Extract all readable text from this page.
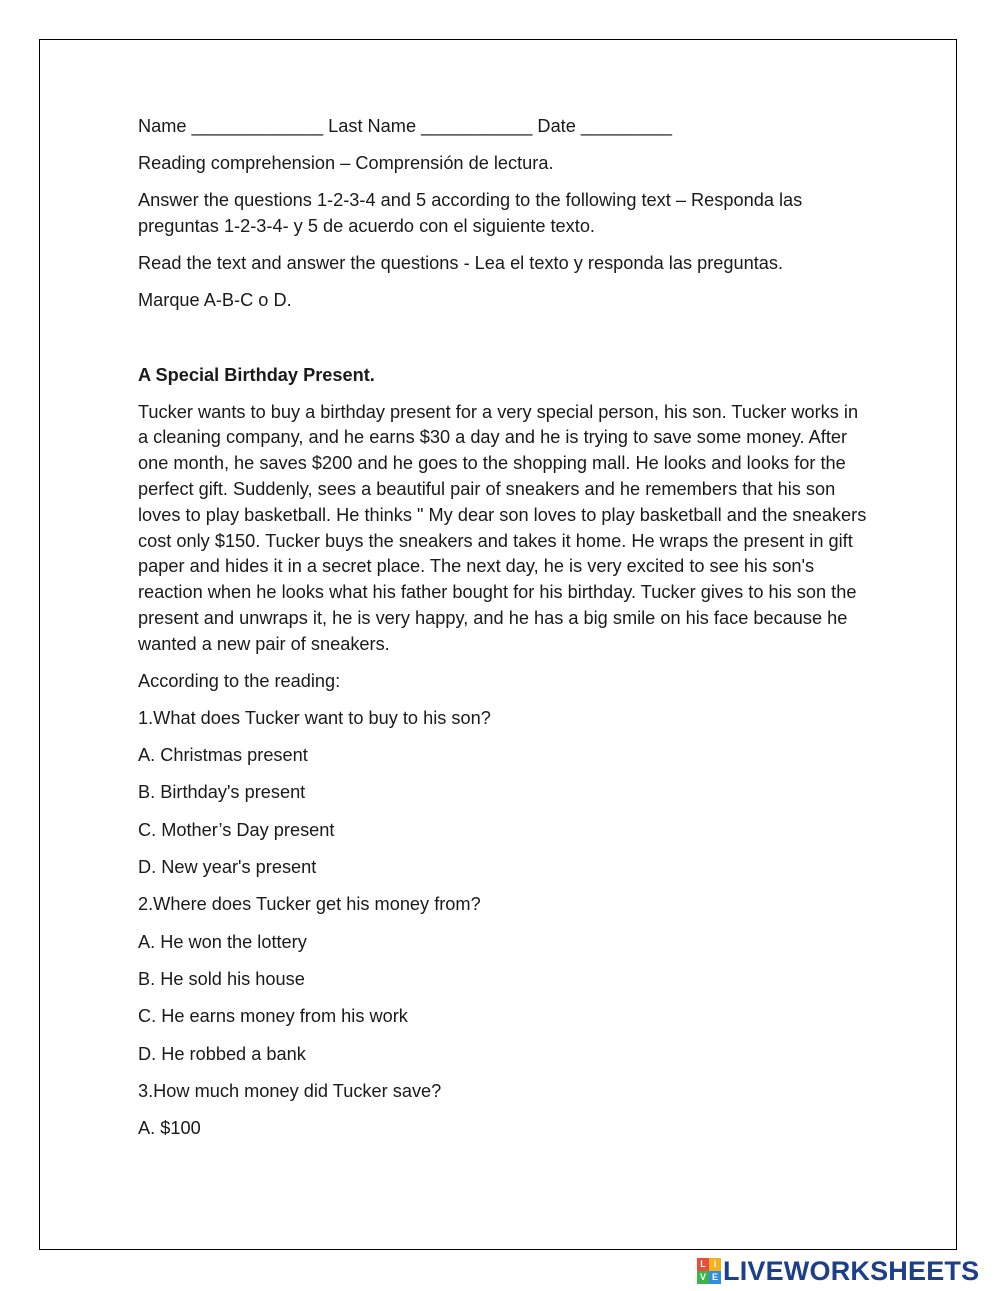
Name _____________ Last Name ___________ Date _________

Reading comprehension – Comprensión de lectura.

Answer the questions 1-2-3-4 and 5 according to the following text – Responda las preguntas 1-2-3-4- y 5 de acuerdo con el siguiente texto.

Read the text and answer the questions - Lea el texto y responda las preguntas.

Marque A-B-C o D.

A Special Birthday Present.

Tucker wants to buy a birthday present for a very special person, his son. Tucker works in a cleaning company, and he earns $30 a day and he is trying to save some money. After one month, he saves $200 and he goes to the shopping mall. He looks and looks for the perfect gift. Suddenly, sees a beautiful pair of sneakers and he remembers that his son loves to play basketball. He thinks " My dear son loves to play basketball and the sneakers cost only $150. Tucker buys the sneakers and takes it home. He wraps the present in gift paper and hides it in a secret place. The next day, he is very excited to see his son's reaction when he looks what his father bought for his birthday. Tucker gives to his son the present and unwraps it, he is very happy, and he has a big smile on his face because he wanted a new pair of sneakers.

According to the reading:

1.What does Tucker want to buy to his son?

A. Christmas present

B. Birthday's present

C. Mother’s Day present

D. New year's present

2.Where does Tucker get his money from?

A. He won the lottery

B. He sold his house

C. He earns money from his work

D. He robbed a bank

3.How much money did Tucker save?

A. $100

L I
V E LIVEWORKSHEETS
